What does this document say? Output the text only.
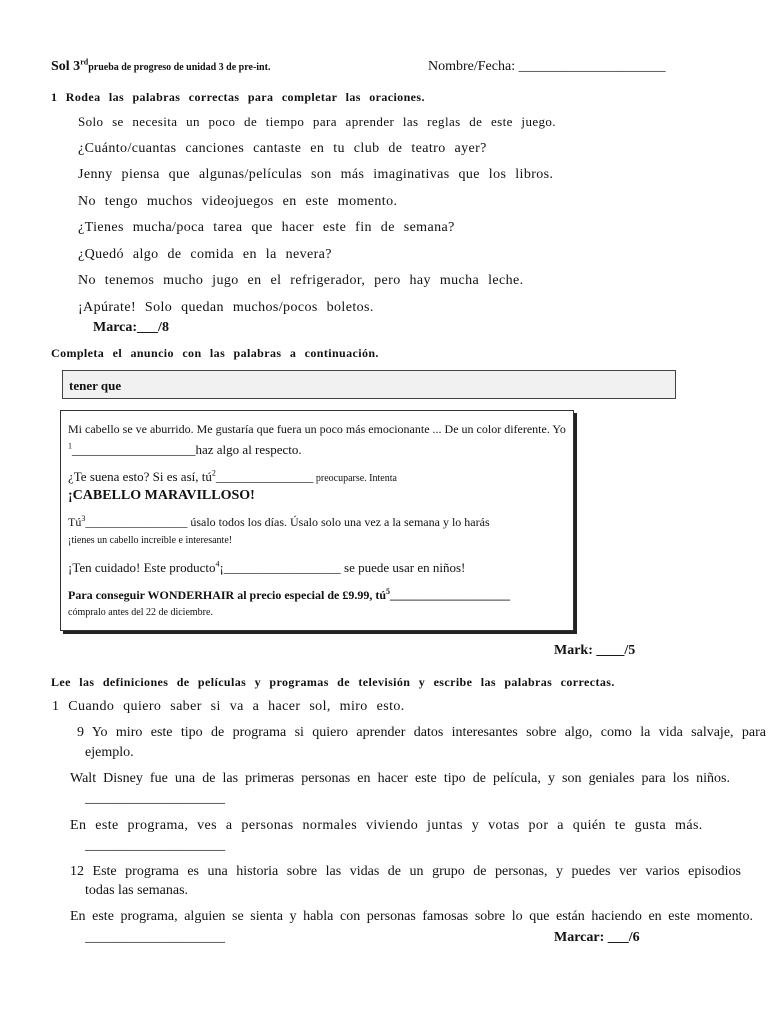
Sol 3rdprueba de progreso de unidad 3 de pre-int.	Nombre/Fecha: _____________________
1 Rodea las palabras correctas para completar las oraciones.
Solo se necesita un poco de tiempo para aprender las reglas de este juego.
¿Cuánto/cuantas canciones cantaste en tu club de teatro ayer?
Jenny piensa que algunas/películas son más imaginativas que los libros.
No tengo muchos videojuegos en este momento.
¿Tienes mucha/poca tarea que hacer este fin de semana?
¿Quedó algo de comida en la nevera?
No tenemos mucho jugo en el refrigerador, pero hay mucha leche.
¡Apúrate! Solo quedan muchos/pocos boletos.
Marca:___/8
Completa el anuncio con las palabras a continuación.
tener que
Mi cabello se ve aburrido. Me gustaría que fuera un poco más emocionante ... De un color diferente. Yo
$^1$___________________haz algo al respecto.
¿Te suena esto? Si es así, $tú^2\_\_\_\_\_\_\_\_\_\_\_\_\_\_\_$ preocuparse. Intenta
¡CABELLO MARAVILLOSO!
$Tú^3\_\_\_\_\_\_\_\_\_\_\_\_\_\_\_\_\_$ úsalo todos los días. Úsalo solo una vez a la semana y lo harás
¡tienes un cabello increíble e interesante!
¡Ten cuidado! Este producto$^4$¡__________________ se puede usar en niños!
Para conseguir WONDERHAIR al precio especial de £9.99, $tú^5\_\_\_\_\_\_\_\_\_\_\_\_\_\_\_\_\_\_\_\_$
cómpralo antes del 22 de diciembre.
Mark: ____/5
Lee las definiciones de películas y programas de televisión y escribe las palabras correctas.
1 Cuando quiero saber si va a hacer sol, miro esto.
9 Yo miro este tipo de programa si quiero aprender datos interesantes sobre algo, como la vida salvaje, para
ejemplo.
Walt Disney fue una de las primeras personas en hacer este tipo de película, y son geniales para los niños.
____________________
En este programa, ves a personas normales viviendo juntas y votas por a quién te gusta más.
____________________
12 Este programa es una historia sobre las vidas de un grupo de personas, y puedes ver varios episodios
todas las semanas.
En este programa, alguien se sienta y habla con personas famosas sobre lo que están haciendo en este momento.
____________________	Marcar: ___/6
